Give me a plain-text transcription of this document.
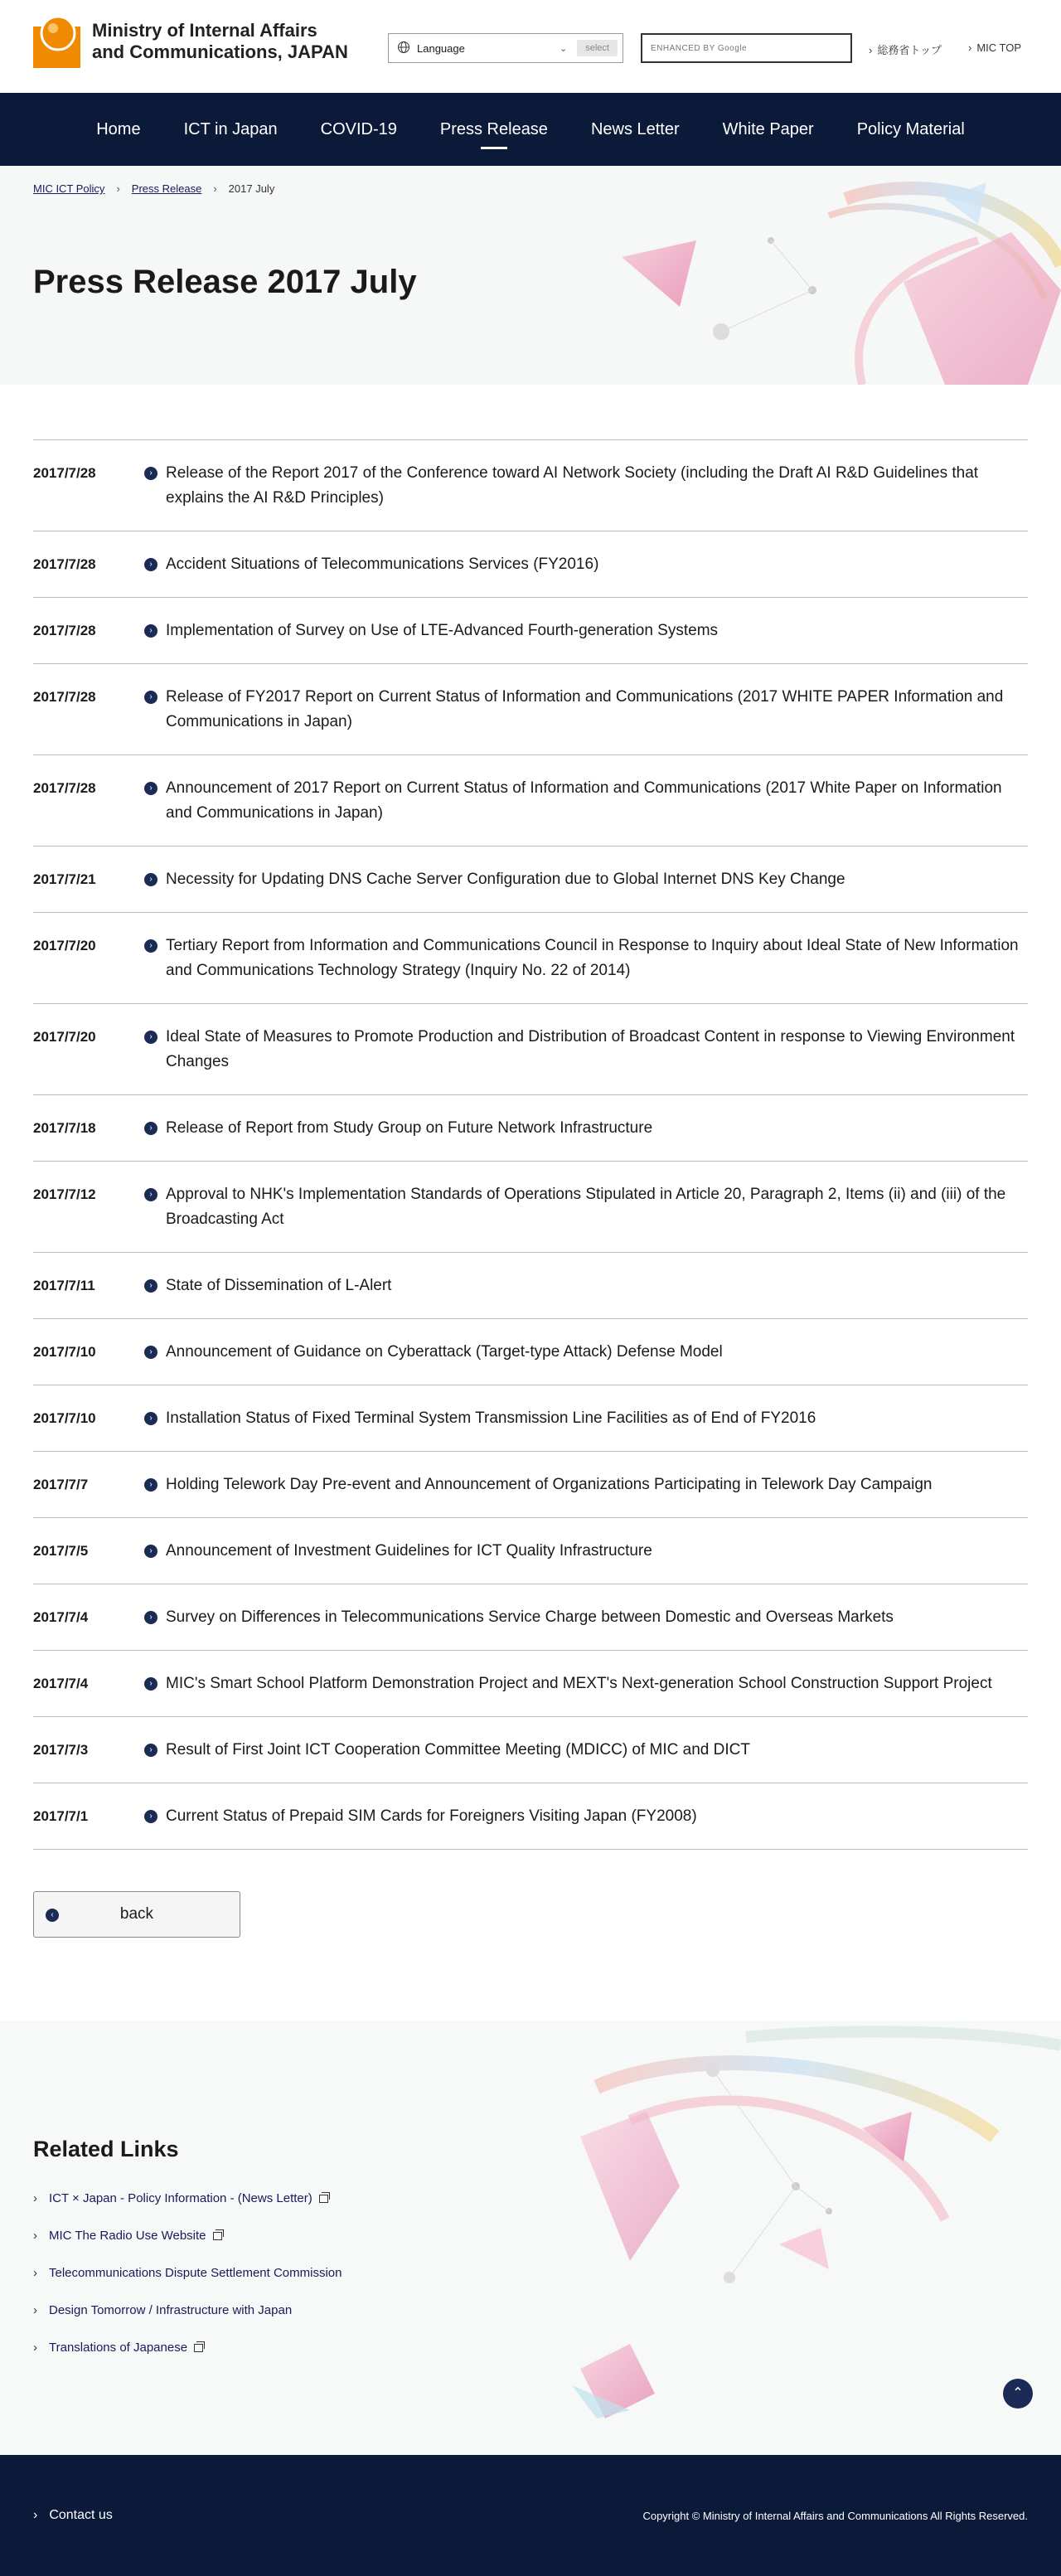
Ministry of Internal Affairs
and Communications, JAPAN	Language	⌄	select
ENHANCED BY Google	› 総務省トップ	› MIC TOP
Home	ICT in Japan	COVID-19	Press Release	News Letter	White Paper	Policy Material
MIC ICT Policy › Press Release › 2017 July
Press Release 2017 July
2017/7/28	› Release of the Report 2017 of the Conference toward AI Network Society (including the Draft AI R&D Guidelines that explains the AI R&D Principles)
2017/7/28	› Accident Situations of Telecommunications Services (FY2016)
2017/7/28	› Implementation of Survey on Use of LTE-Advanced Fourth-generation Systems
2017/7/28	› Release of FY2017 Report on Current Status of Information and Communications (2017 WHITE PAPER Information and Communications in Japan)
2017/7/28	› Announcement of 2017 Report on Current Status of Information and Communications (2017 White Paper on Information and Communications in Japan)
2017/7/21	› Necessity for Updating DNS Cache Server Configuration due to Global Internet DNS Key Change
2017/7/20	› Tertiary Report from Information and Communications Council in Response to Inquiry about Ideal State of New Information and Communications Technology Strategy (Inquiry No. 22 of 2014)
2017/7/20	› Ideal State of Measures to Promote Production and Distribution of Broadcast Content in response to Viewing Environment Changes
2017/7/18	› Release of Report from Study Group on Future Network Infrastructure
2017/7/12	› Approval to NHK's Implementation Standards of Operations Stipulated in Article 20, Paragraph 2, Items (ii) and (iii) of the Broadcasting Act
2017/7/11	› State of Dissemination of L-Alert
2017/7/10	› Announcement of Guidance on Cyberattack (Target-type Attack) Defense Model
2017/7/10	› Installation Status of Fixed Terminal System Transmission Line Facilities as of End of FY2016
2017/7/7	› Holding Telework Day Pre-event and Announcement of Organizations Participating in Telework Day Campaign
2017/7/5	› Announcement of Investment Guidelines for ICT Quality Infrastructure
2017/7/4	› Survey on Differences in Telecommunications Service Charge between Domestic and Overseas Markets
2017/7/4	› MIC's Smart School Platform Demonstration Project and MEXT's Next-generation School Construction Support Project
2017/7/3	› Result of First Joint ICT Cooperation Committee Meeting (MDICC) of MIC and DICT
2017/7/1	› Current Status of Prepaid SIM Cards for Foreigners Visiting Japan (FY2008)
‹	back
Related Links
› ICT × Japan - Policy Information - (News Letter)
› MIC The Radio Use Website
› Telecommunications Dispute Settlement Commission
› Design Tomorrow / Infrastructure with Japan
› Translations of Japanese
⌃
› Contact us	Copyright © Ministry of Internal Affairs and Communications All Rights Reserved.
